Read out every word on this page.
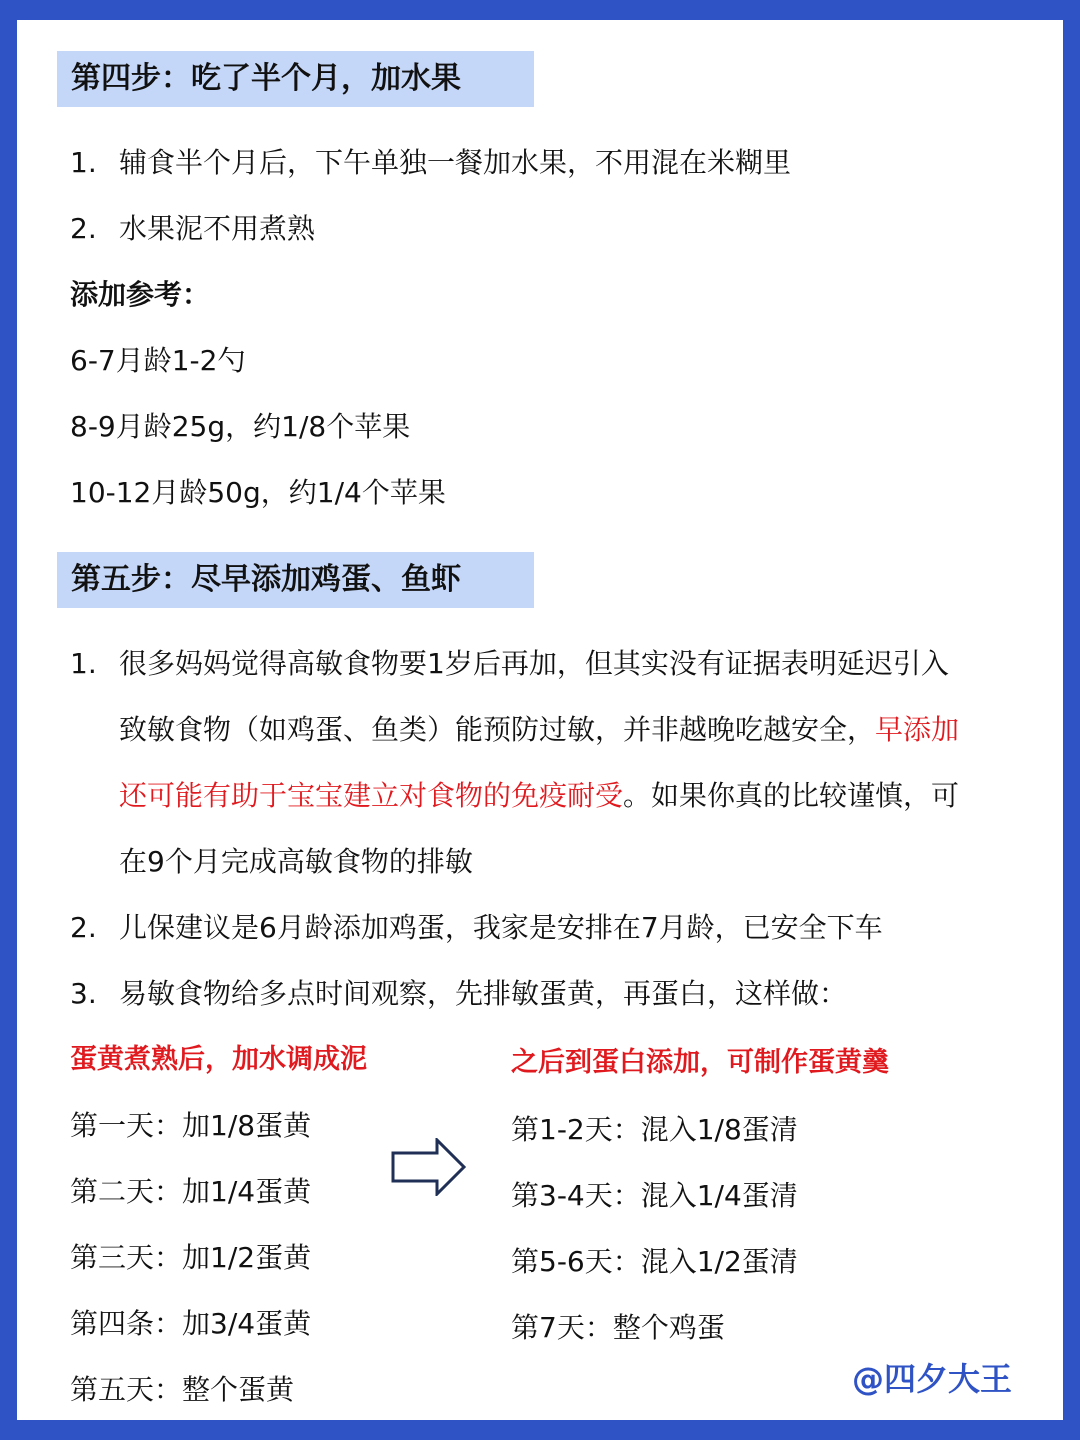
第四步：吃了半个月，加水果
1. 辅食半个月后，下午单独一餐加水果，不用混在米糊里
2. 水果泥不用煮熟
添加参考：
6-7月龄1-2勺
8-9月龄25g，约1/8个苹果
10-12月龄50g，约1/4个苹果
第五步：尽早添加鸡蛋、鱼虾
1. 很多妈妈觉得高敏食物要1岁后再加，但其实没有证据表明延迟引入
致敏食物（如鸡蛋、鱼类）能预防过敏，并非越晚吃越安全，早添加
还可能有助于宝宝建立对食物的免疫耐受。如果你真的比较谨慎，可
在9个月完成高敏食物的排敏
2. 儿保建议是6月龄添加鸡蛋，我家是安排在7月龄，已安全下车
3. 易敏食物给多点时间观察，先排敏蛋黄，再蛋白，这样做：
蛋黄煮熟后，加水调成泥
第一天：加1/8蛋黄
第二天：加1/4蛋黄
第三天：加1/2蛋黄
第四条：加3/4蛋黄
第五天：整个蛋黄
之后到蛋白添加，可制作蛋黄羹
第1-2天：混入1/8蛋清
第3-4天：混入1/4蛋清
第5-6天：混入1/2蛋清
第7天：整个鸡蛋
@四夕大王
